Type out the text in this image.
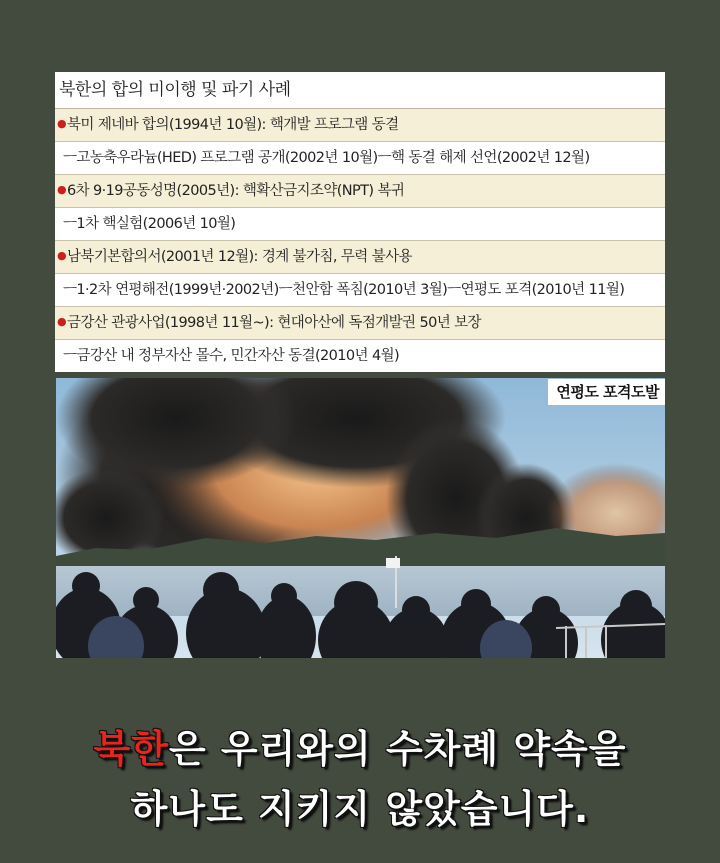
북한의 합의 미이행 및 파기 사례
●북미 제네바 합의(1994년 10월): 핵개발 프로그램 동결
ㅡ고농축우라늄(HED) 프로그램 공개(2002년 10월)ㅡ핵 동결 해제 선언(2002년 12월)
●6차 9·19공동성명(2005년): 핵확산금지조약(NPT) 복귀
ㅡ1차 핵실험(2006년 10월)
●남북기본합의서(2001년 12월): 경계 불가침, 무력 불사용
ㅡ1·2차 연평해전(1999년·2002년)ㅡ천안함 폭침(2010년 3월)ㅡ연평도 포격(2010년 11월)
●금강산 관광사업(1998년 11월~): 현대아산에 독점개발권 50년 보장
ㅡ금강산 내 정부자산 몰수, 민간자산 동결(2010년 4월)
연평도 포격도발
북한은 우리와의 수차례 약속을
하나도 지키지 않았습니다.
